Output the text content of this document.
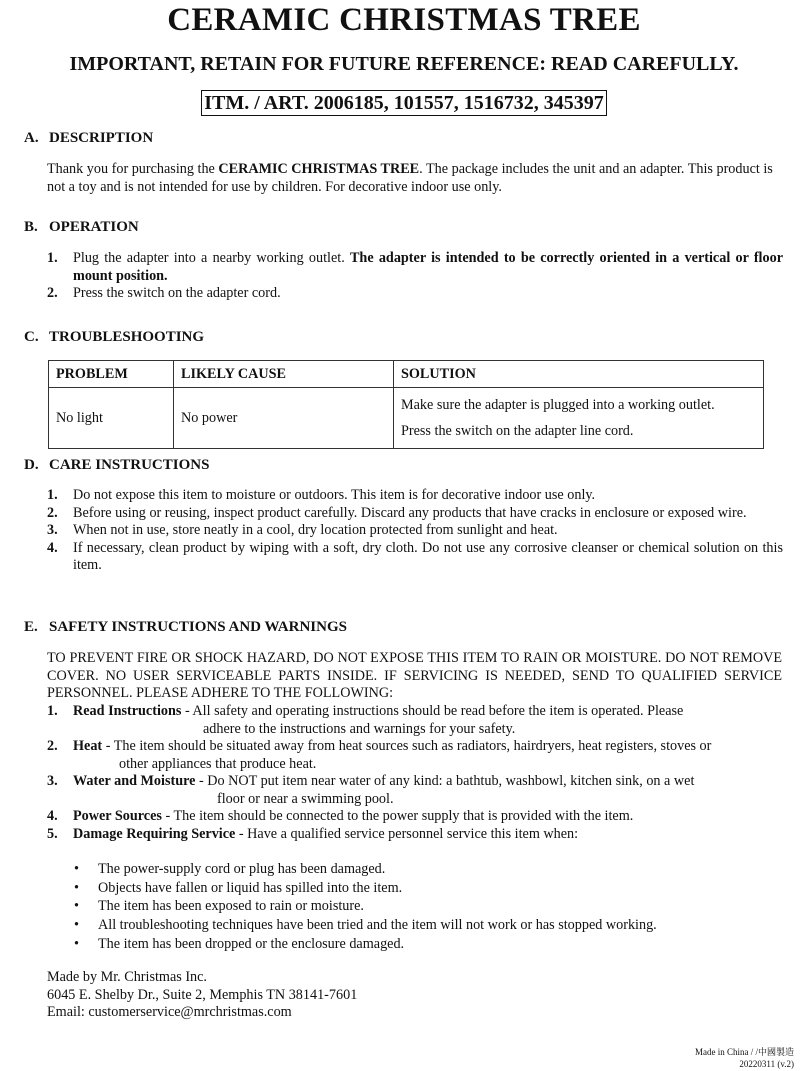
CERAMIC CHRISTMAS TREE
IMPORTANT, RETAIN FOR FUTURE REFERENCE: READ CAREFULLY.
ITM. / ART. 2006185, 101557, 1516732, 345397
A. DESCRIPTION
Thank you for purchasing the CERAMIC CHRISTMAS TREE. The package includes the unit and an adapter. This product is not a toy and is not intended for use by children. For decorative indoor use only.
B. OPERATION
1. Plug the adapter into a nearby working outlet. The adapter is intended to be correctly oriented in a vertical or floor mount position.
2. Press the switch on the adapter cord.
C. TROUBLESHOOTING
PROBLEM	LIKELY CAUSE	SOLUTION
No light	No power	Make sure the adapter is plugged into a working outlet.
Press the switch on the adapter line cord.
D. CARE INSTRUCTIONS
1. Do not expose this item to moisture or outdoors. This item is for decorative indoor use only.
2. Before using or reusing, inspect product carefully. Discard any products that have cracks in enclosure or exposed wire.
3. When not in use, store neatly in a cool, dry location protected from sunlight and heat.
4. If necessary, clean product by wiping with a soft, dry cloth. Do not use any corrosive cleanser or chemical solution on this item.
E. SAFETY INSTRUCTIONS AND WARNINGS
TO PREVENT FIRE OR SHOCK HAZARD, DO NOT EXPOSE THIS ITEM TO RAIN OR MOISTURE. DO NOT REMOVE COVER. NO USER SERVICEABLE PARTS INSIDE. IF SERVICING IS NEEDED, SEND TO QUALIFIED SERVICE PERSONNEL. PLEASE ADHERE TO THE FOLLOWING:
1. Read Instructions - All safety and operating instructions should be read before the item is operated. Please
adhere to the instructions and warnings for your safety.
2. Heat - The item should be situated away from heat sources such as radiators, hairdryers, heat registers, stoves or
other appliances that produce heat.
3. Water and Moisture - Do NOT put item near water of any kind: a bathtub, washbowl, kitchen sink, on a wet
floor or near a swimming pool.
4. Power Sources - The item should be connected to the power supply that is provided with the item.
5. Damage Requiring Service - Have a qualified service personnel service this item when:
• The power-supply cord or plug has been damaged.
• Objects have fallen or liquid has spilled into the item.
• The item has been exposed to rain or moisture.
• All troubleshooting techniques have been tried and the item will not work or has stopped working.
• The item has been dropped or the enclosure damaged.
Made by Mr. Christmas Inc.
6045 E. Shelby Dr., Suite 2, Memphis TN 38141-7601
Email: customerservice@mrchristmas.com
Made in China / /中國製造
20220311 (v.2)
